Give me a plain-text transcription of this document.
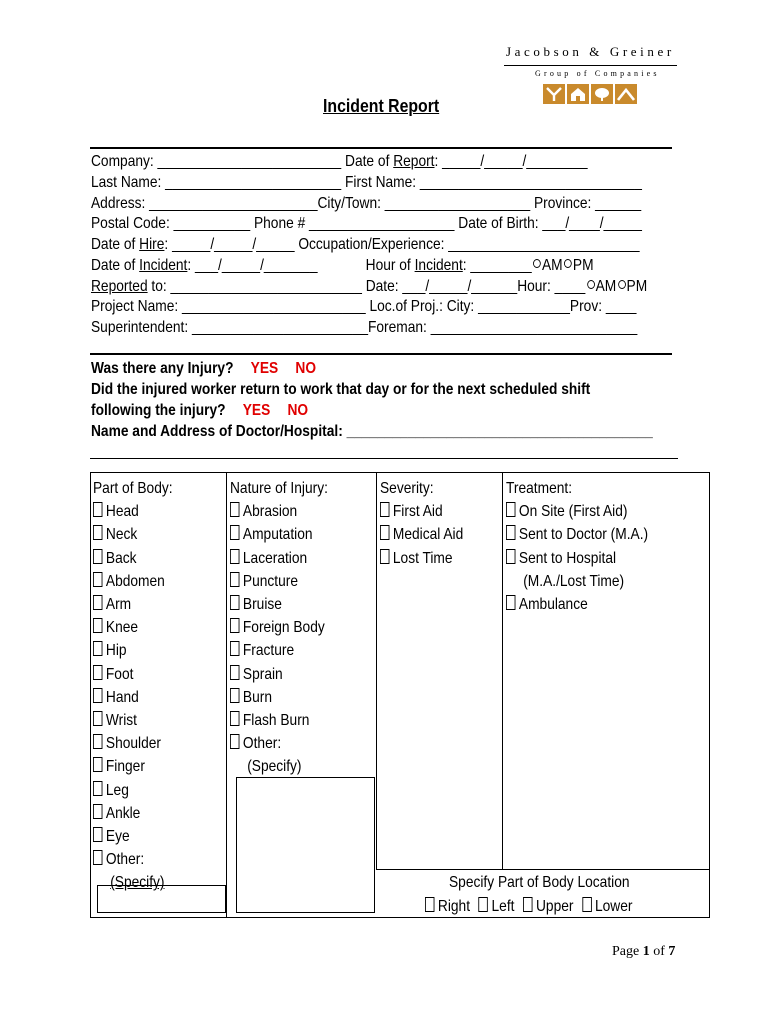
Jacobson & Greiner
Group of Companies
Incident Report
Company: ________________________ Date of Report: _____/_____/________
Last Name: _______________________ First Name: _____________________________
Address: ______________________City/Town: ___________________ Province: ______
Postal Code: __________ Phone # ___________________ Date of Birth: ___/____/_____
Date of Hire: _____/_____/_____ Occupation/Experience: _________________________
Date of Incident: ___/_____/_______	Hour of Incident: ________ AM PM
Reported to: _________________________ Date: ___/_____/______Hour: ____ AM PM
Project Name: ________________________ Loc.of Proj.: City: ____________Prov: ____
Superintendent: _______________________Foreman: ___________________________
Was there any Injury? YES NO
Did the injured worker return to work that day or for the next scheduled shift
following the injury? YES NO
Name and Address of Doctor/Hospital: ________________________________________
Part of Body:
Head
Neck
Back
Abdomen
Arm
Knee
Hip
Foot
Hand
Wrist
Shoulder
Finger
Leg
Ankle
Eye
Other:
(Specify)
Nature of Injury:
Abrasion
Amputation
Laceration
Puncture
Bruise
Foreign Body
Fracture
Sprain
Burn
Flash Burn
Other:
(Specify)
Severity:
First Aid
Medical Aid
Lost Time
Treatment:
On Site (First Aid)
Sent to Doctor (M.A.)
Sent to Hospital
(M.A./Lost Time)
Ambulance
Specify Part of Body Location
Right Left Upper Lower
Page 1 of 7
